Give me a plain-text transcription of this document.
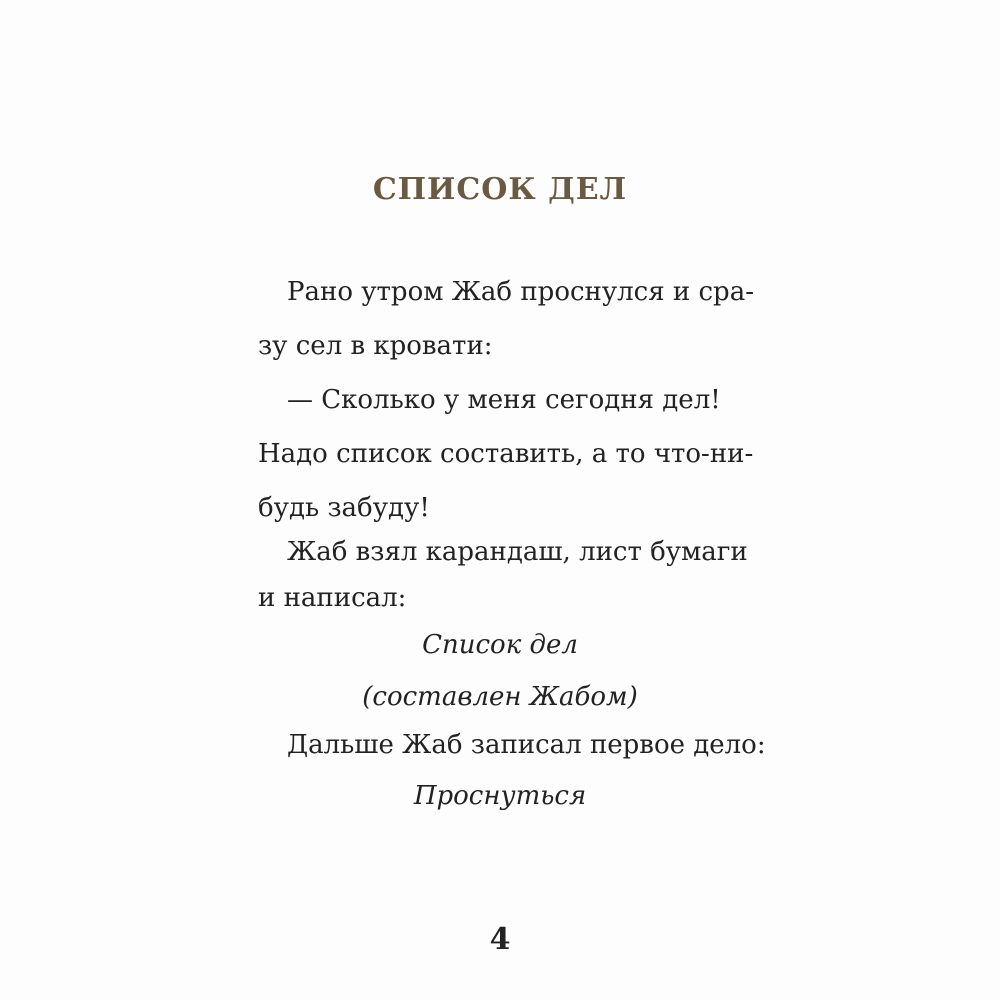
СПИСОК ДЕЛ
Рано утром Жаб проснулся и сра-
зу сел в кровати:
— Сколько у меня сегодня дел!
Надо список составить, а то что-ни-
будь забуду!
Жаб взял карандаш, лист бумаги
и написал:
Список дел
(составлен Жабом)
Дальше Жаб записал первое дело:
Проснуться
4
